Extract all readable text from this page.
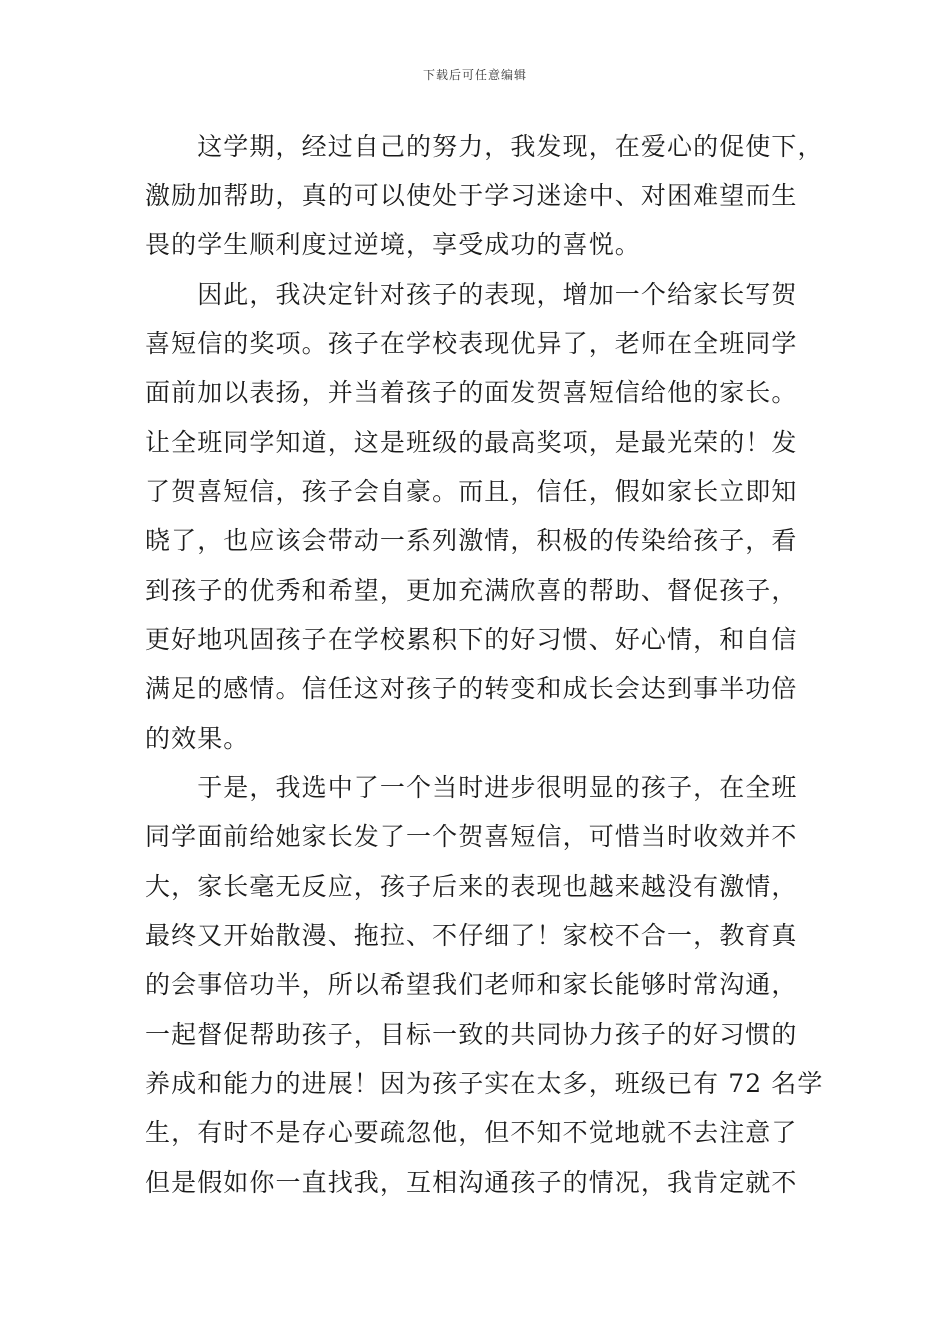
下载后可任意编辑
　　这学期，经过自己的努力，我发现，在爱心的促使下，
激励加帮助，真的可以使处于学习迷途中、对困难望而生
畏的学生顺利度过逆境，享受成功的喜悦。
　　因此，我决定针对孩子的表现，增加一个给家长写贺
喜短信的奖项。孩子在学校表现优异了，老师在全班同学
面前加以表扬，并当着孩子的面发贺喜短信给他的家长。
让全班同学知道，这是班级的最高奖项，是最光荣的！发
了贺喜短信，孩子会自豪。而且，信任，假如家长立即知
晓了，也应该会带动一系列激情，积极的传染给孩子，看
到孩子的优秀和希望，更加充满欣喜的帮助、督促孩子，
更好地巩固孩子在学校累积下的好习惯、好心情，和自信
满足的感情。信任这对孩子的转变和成长会达到事半功倍
的效果。
　　于是，我选中了一个当时进步很明显的孩子，在全班
同学面前给她家长发了一个贺喜短信，可惜当时收效并不
大，家长毫无反应，孩子后来的表现也越来越没有激情，
最终又开始散漫、拖拉、不仔细了！家校不合一，教育真
的会事倍功半，所以希望我们老师和家长能够时常沟通，
一起督促帮助孩子，目标一致的共同协力孩子的好习惯的
养成和能力的进展！因为孩子实在太多，班级已有 72 名学
生，有时不是存心要疏忽他，但不知不觉地就不去注意了
但是假如你一直找我，互相沟通孩子的情况，我肯定就不
